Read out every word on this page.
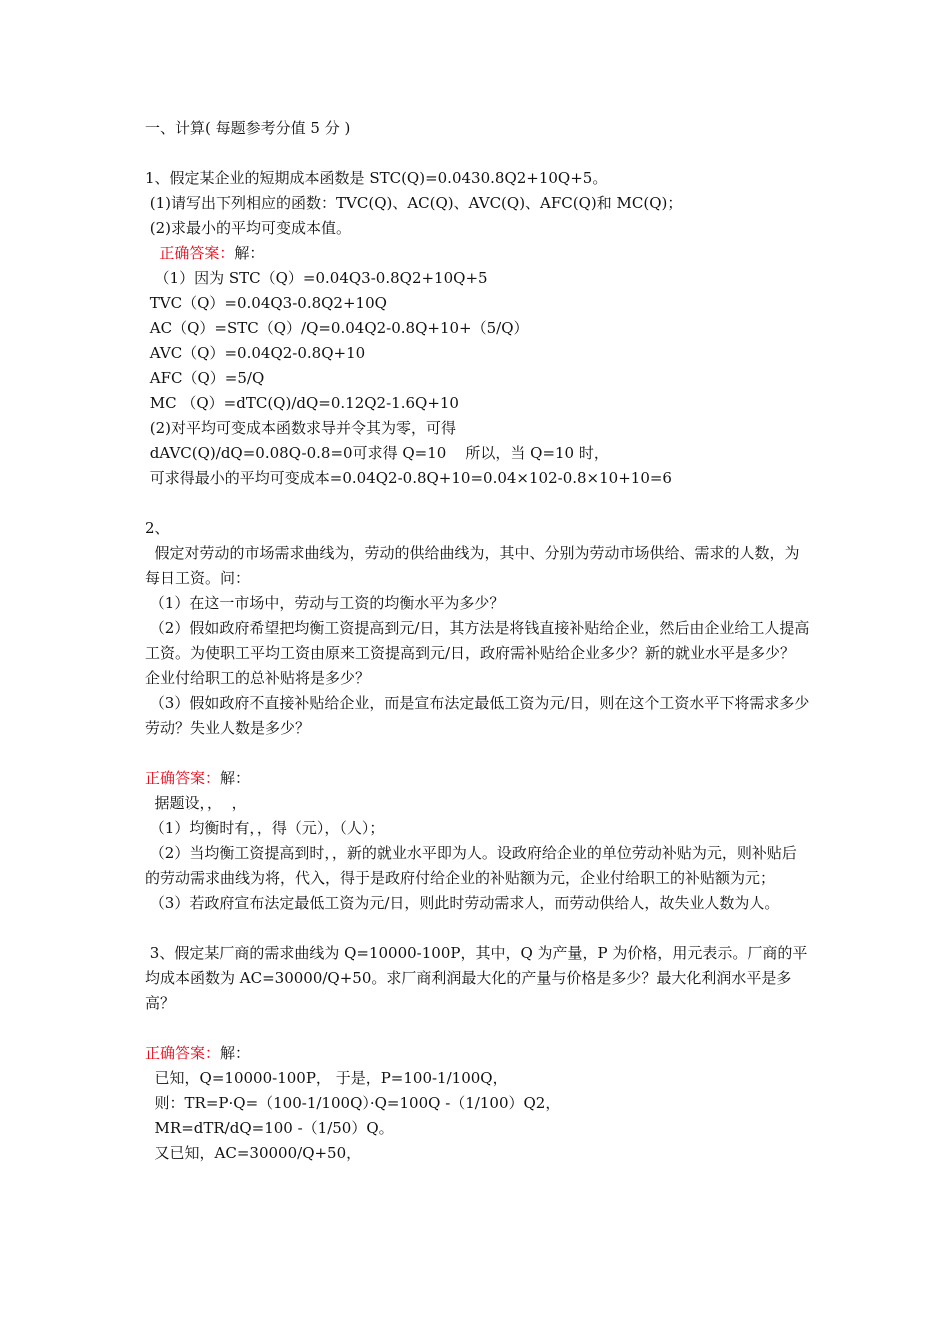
一、计算( 每题参考分值 5 分 )

1、假定某企业的短期成本函数是 STC(Q)=0.0430.8Q2+10Q+5。

(1)请写出下列相应的函数：TVC(Q)、AC(Q)、AVC(Q)、AFC(Q)和 MC(Q)；

(2)求最小的平均可变成本值。

正确答案：解：

（1）因为 STC（Q）=0.04Q3-0.8Q2+10Q+5

TVC（Q）=0.04Q3-0.8Q2+10Q

AC（Q）=STC（Q）/Q=0.04Q2-0.8Q+10+（5/Q）

AVC（Q）=0.04Q2-0.8Q+10

AFC（Q）=5/Q

MC （Q）=dTC(Q)/dQ=0.12Q2-1.6Q+10

(2)对平均可变成本函数求导并令其为零，可得

dAVC(Q)/dQ=0.08Q-0.8=0可求得 Q=10    所以，当 Q=10 时，

可求得最小的平均可变成本=0.04Q2-0.8Q+10=0.04×102-0.8×10+10=6

2、

假定对劳动的市场需求曲线为，劳动的供给曲线为，其中、分别为劳动市场供给、需求的人数，为每日工资。问：

（1）在这一市场中，劳动与工资的均衡水平为多少？

（2）假如政府希望把均衡工资提高到元/日，其方法是将钱直接补贴给企业，然后由企业给工人提高工资。为使职工平均工资由原来工资提高到元/日，政府需补贴给企业多少？新的就业水平是多少？企业付给职工的总补贴将是多少？

（3）假如政府不直接补贴给企业，而是宣布法定最低工资为元/日，则在这个工资水平下将需求多少劳动？失业人数是多少？

正确答案：解：

据题设，，  ，

（1）均衡时有，，得（元），（人）；

（2）当均衡工资提高到时，，新的就业水平即为人。设政府给企业的单位劳动补贴为元，则补贴后的劳动需求曲线为将，代入，得于是政府付给企业的补贴额为元，企业付给职工的补贴额为元；

（3）若政府宣布法定最低工资为元/日，则此时劳动需求人，而劳动供给人，故失业人数为人。

3、假定某厂商的需求曲线为 Q=10000-100P，其中，Q 为产量，P 为价格，用元表示。厂商的平均成本函数为 AC=30000/Q+50。求厂商利润最大化的产量与价格是多少？最大化利润水平是多高？

正确答案：解：

已知，Q=10000-100P， 于是，P=100-1/100Q，

则：TR=P·Q=（100-1/100Q）·Q=100Q -（1/100）Q2，

MR=dTR/dQ=100 -（1/50）Q。

又已知，AC=30000/Q+50，
